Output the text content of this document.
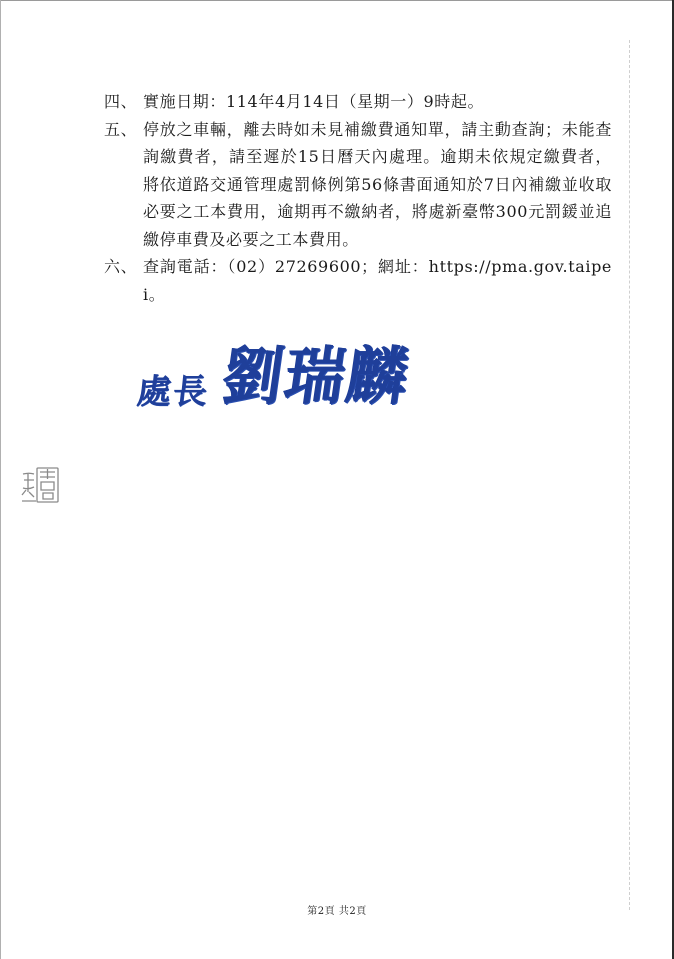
四、 實施日期：114年4月14日（星期一）9時起。
五、 停放之車輛，離去時如未見補繳費通知單，請主動查詢；未能查詢繳費者，請至遲於15日曆天內處理。逾期未依規定繳費者，將依道路交通管理處罰條例第56條書面通知於7日內補繳並收取必要之工本費用，逾期再不繳納者，將處新臺幣300元罰鍰並追繳停車費及必要之工本費用。
六、 查詢電話：（02）27269600；網址：https://pma.gov.taipei。
處長 劉瑞麟
第2頁 共2頁
